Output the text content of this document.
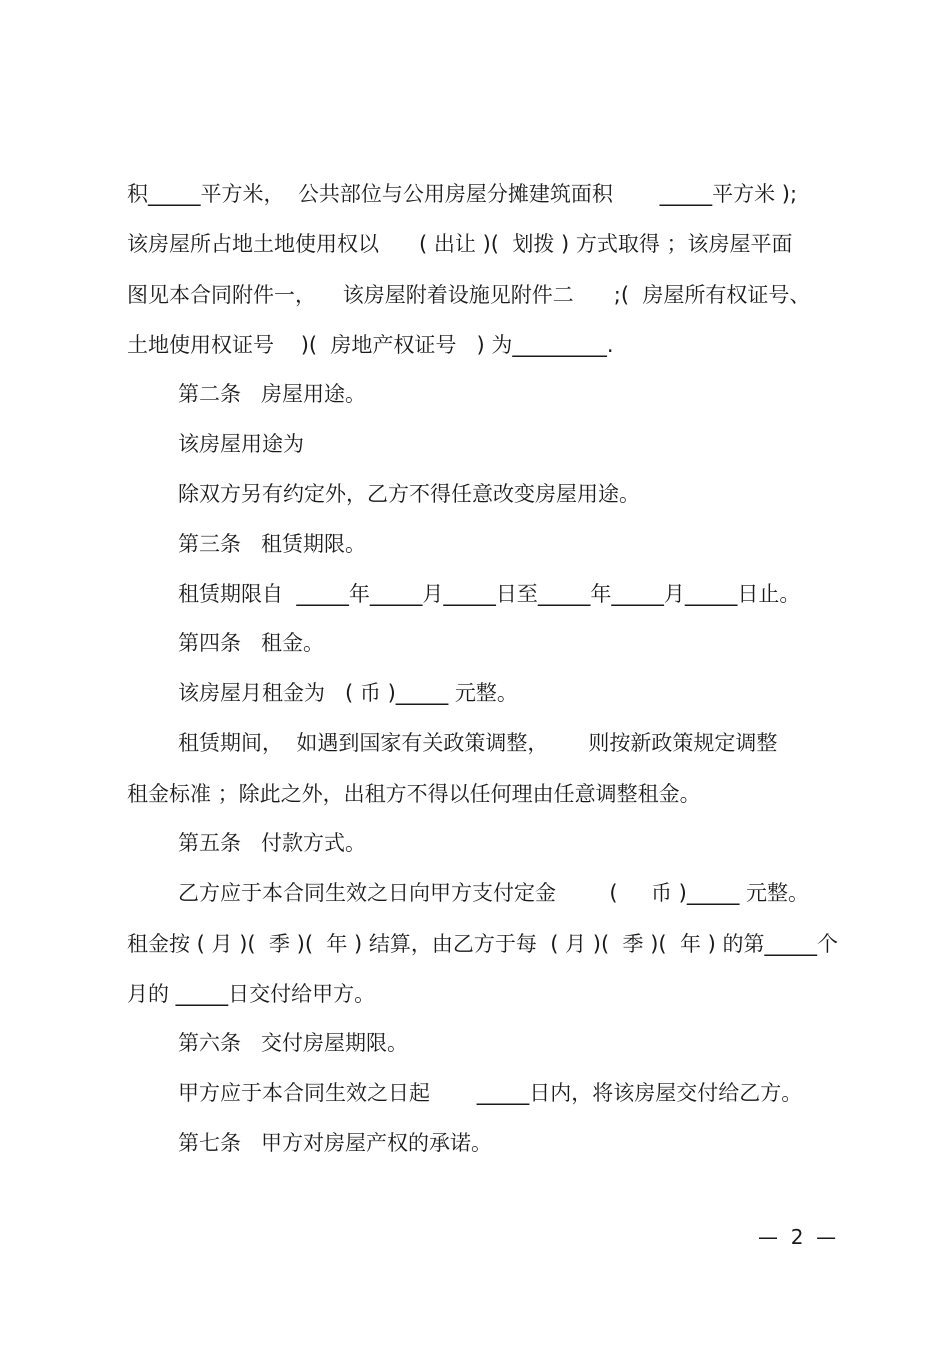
积_____平方米，  公共部位与公用房屋分摊建筑面积       _____平方米 );
该房屋所占地土地使用权以      ( 出让 )(  划拨 ) 方式取得 ；该房屋平面
图见本合同附件一，    该房屋附着设施见附件二      ;(  房屋所有权证号、
土地使用权证号    )(  房地产权证号   ) 为_________.
第二条   房屋用途。
该房屋用途为
除双方另有约定外，乙方不得任意改变房屋用途。
第三条   租赁期限。
租赁期限自  _____年_____月_____日至_____年_____月_____日止。
第四条   租金。
该房屋月租金为   ( 币 )_____ 元整。
租赁期间，  如遇到国家有关政策调整，      则按新政策规定调整
租金标准 ；除此之外，出租方不得以任何理由任意调整租金。
第五条   付款方式。
乙方应于本合同生效之日向甲方支付定金        (     币 )_____ 元整。
租金按 ( 月 )(  季 )(  年 ) 结算，由乙方于每  ( 月 )(  季 )(  年 ) 的第_____个
月的 _____日交付给甲方。
第六条   交付房屋期限。
甲方应于本合同生效之日起       _____日内，将该房屋交付给乙方。
第七条   甲方对房屋产权的承诺。
—  2  —
